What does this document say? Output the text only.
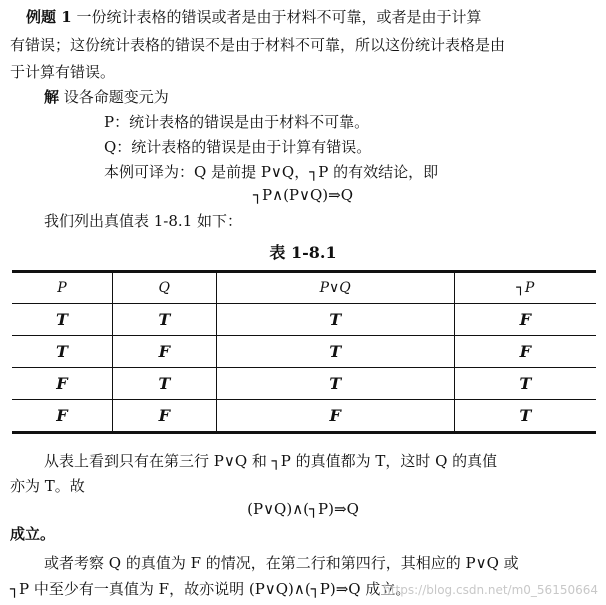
例题 1 一份统计表格的错误或者是由于材料不可靠，或者是由于计算
有错误；这份统计表格的错误不是由于材料不可靠，所以这份统计表格是由
于计算有错误。
解 设各命题变元为
P：统计表格的错误是由于材料不可靠。
Q：统计表格的错误是由于计算有错误。
本例可译为：Q 是前提 P∨Q，┐P 的有效结论，即
┐P∧(P∨Q)⇒Q
我们列出真值表 1-8.1 如下：
表 1-8.1
P	Q	P∨Q	┐P
T	T	T	F
T	F	T	F
F	T	T	T
F	F	F	T
从表上看到只有在第三行 P∨Q 和 ┐P 的真值都为 T，这时 Q 的真值
亦为 T。故
(P∨Q)∧(┐P)⇒Q
成立。
或者考察 Q 的真值为 F 的情况，在第二行和第四行，其相应的 P∨Q 或
┐P 中至少有一真值为 F，故亦说明 (P∨Q)∧(┐P)⇒Q 成立。
https://blog.csdn.net/m0_56150664
